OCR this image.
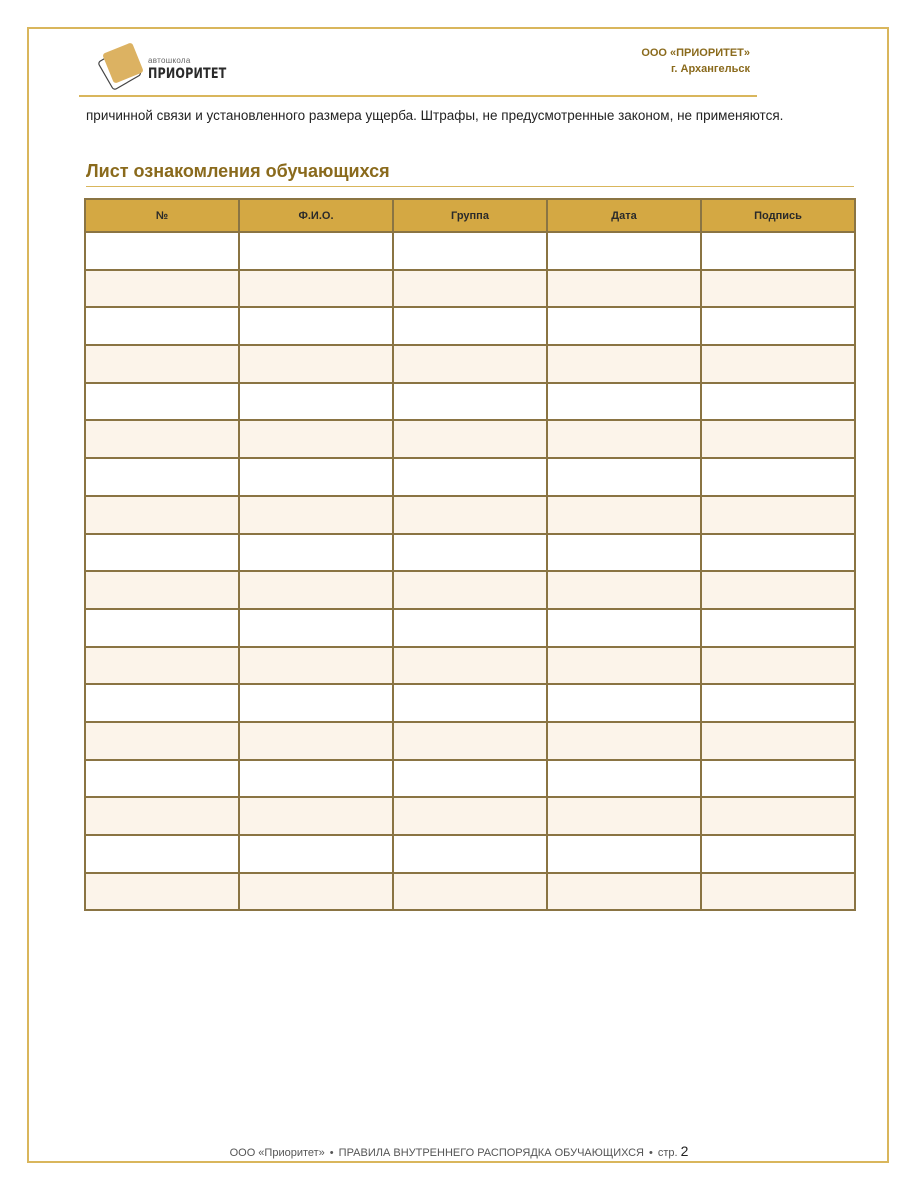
автошкола
ПРИОРИТЕТ
ООО «ПРИОРИТЕТ»
г. Архангельск
причинной связи и установленного размера ущерба. Штрафы, не предусмотренные законом, не применяются.
Лист ознакомления обучающихся
№	Ф.И.О.	Группа	Дата	Подпись

ООО «Приоритет» • ПРАВИЛА ВНУТРЕННЕГО РАСПОРЯДКА ОБУЧАЮЩИХСЯ • стр. 2
